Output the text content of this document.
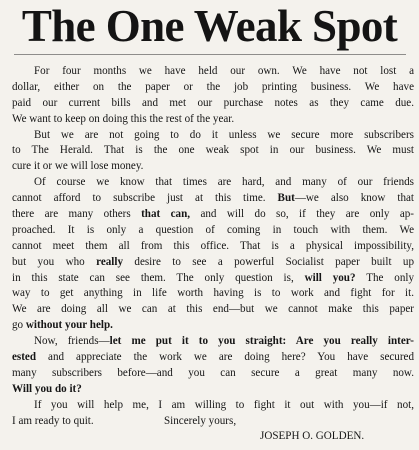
The One Weak Spot
For four months we have held our own. We have not lost a
dollar, either on the paper or the job printing business. We have
paid our current bills and met our purchase notes as they came due.
We want to keep on doing this the rest of the year.
But we are not going to do it unless we secure more subscribers
to The Herald. That is the one weak spot in our business. We must
cure it or we will lose money.
Of course we know that times are hard, and many of our friends
cannot afford to subscribe just at this time. But—we also know that
there are many others that can, and will do so, if they are only ap-
proached. It is only a question of coming in touch with them. We
cannot meet them all from this office. That is a physical impossibility,
but you who really desire to see a powerful Socialist paper built up
in this state can see them. The only question is, will you? The only
way to get anything in life worth having is to work and fight for it.
We are doing all we can at this end—but we cannot make this paper
go without your help.
Now, friends—let me put it to you straight: Are you really inter-
ested and appreciate the work we are doing here? You have secured
many subscribers before—and you can secure a great many now.
Will you do it?
If you will help me, I am willing to fight it out with you—if not,
I am ready to quit.	Sincerely yours,
JOSEPH O. GOLDEN.
